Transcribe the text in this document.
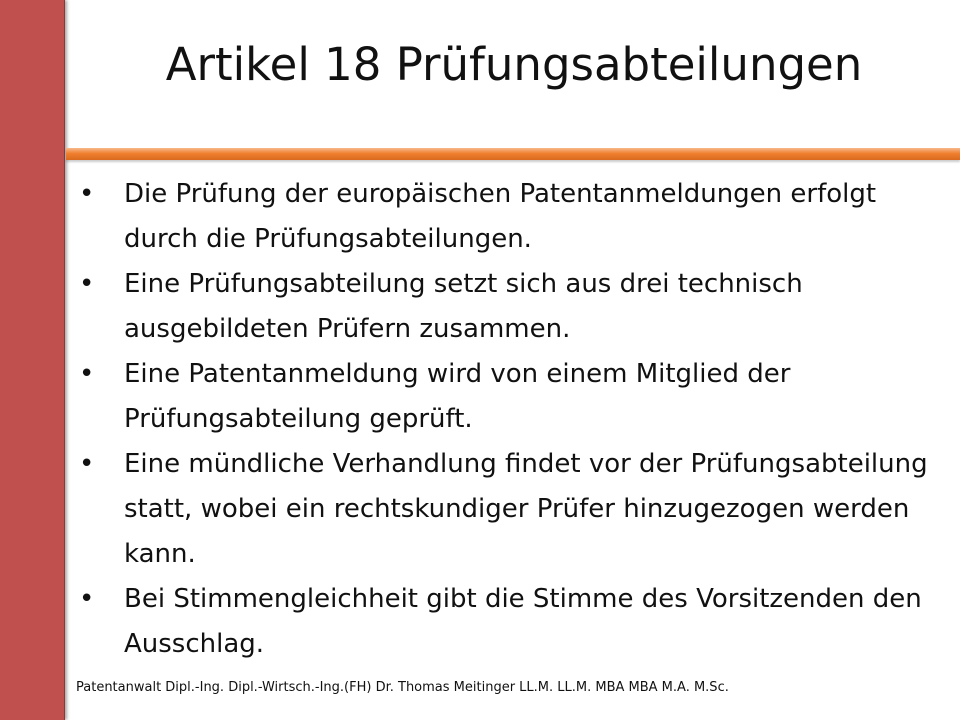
Artikel 18 Prüfungsabteilungen
• Die Prüfung der europäischen Patentanmeldungen erfolgt durch die Prüfungsabteilungen.
• Eine Prüfungsabteilung setzt sich aus drei technisch ausgebildeten Prüfern zusammen.
• Eine Patentanmeldung wird von einem Mitglied der Prüfungsabteilung geprüft.
• Eine mündliche Verhandlung findet vor der Prüfungsabteilung statt, wobei ein rechtskundiger Prüfer hinzugezogen werden kann.
• Bei Stimmengleichheit gibt die Stimme des Vorsitzenden den Ausschlag.
Patentanwalt Dipl.-Ing. Dipl.-Wirtsch.-Ing.(FH) Dr. Thomas Meitinger LL.M. LL.M. MBA MBA M.A. M.Sc.
